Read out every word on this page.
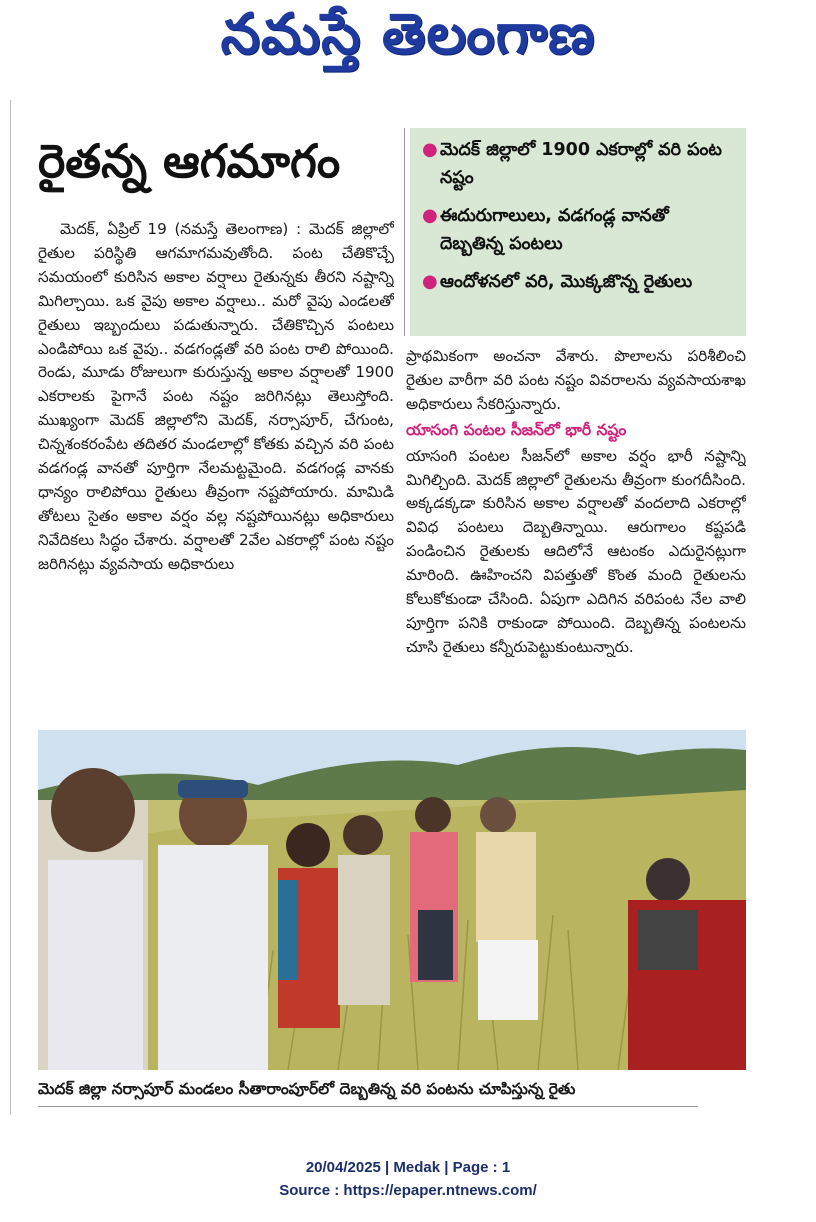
నమస్తే తెలంగాణ
రైతన్న ఆగమాగం

మెదక్, ఏప్రిల్ 19 (నమస్తే తెలంగాణ) : మెదక్ జిల్లాలో రైతుల పరిస్థితి ఆగమాగమవుతోంది. పంట చేతికొచ్చే సమయంలో కురిసిన అకాల వర్షాలు రైతున్నకు తీరని నష్టాన్ని మిగిల్చాయి. ఒక వైపు అకాల వర్షాలు.. మరో వైపు ఎండలతో రైతులు ఇబ్బందులు పడుతున్నారు. చేతికొచ్చిన పంటలు ఎండిపోయి ఒక వైపు.. వడగండ్లతో వరి పంట రాలి పోయింది. రెండు, మూడు రోజులుగా కురుస్తున్న అకాల వర్షాలతో 1900 ఎకరాలకు పైగానే పంట నష్టం జరిగినట్లు తెలుస్తోంది. ముఖ్యంగా మెదక్ జిల్లాలోని మెదక్, నర్సాపూర్, చేగుంట, చిన్నశంకరంపేట తదితర మండలాల్లో కోతకు వచ్చిన వరి పంట వడగండ్ల వానతో పూర్తిగా నేలమట్టమైంది. వడగండ్ల వానకు ధాన్యం రాలిపోయి రైతులు తీవ్రంగా నష్టపోయారు. మామిడి తోటలు సైతం అకాల వర్షం వల్ల నష్టపోయినట్లు అధికారులు నివేదికలు సిద్ధం చేశారు. వర్షాలతో 2వేల ఎకరాల్లో పంట నష్టం జరిగినట్లు వ్యవసాయ అధికారులు

● మెదక్ జిల్లాలో 1900 ఎకరాల్లో వరి పంట నష్టం
● ఈదురుగాలులు, వడగండ్ల వానతో దెబ్బతిన్న పంటలు
● ఆందోళనలో వరి, మొక్కజొన్న రైతులు

ప్రాథమికంగా అంచనా వేశారు. పొలాలను పరిశీలించి రైతుల వారీగా వరి పంట నష్టం వివరాలను వ్యవసాయశాఖ అధికారులు సేకరిస్తున్నారు.

యాసంగి పంటల సీజన్‌లో భారీ నష్టం

యాసంగి పంటల సీజన్‌లో అకాల వర్షం భారీ నష్టాన్ని మిగిల్చింది. మెదక్ జిల్లాలో రైతులను తీవ్రంగా కుంగదీసింది. అక్కడక్కడా కురిసిన అకాల వర్షాలతో వందలాది ఎకరాల్లో వివిధ పంటలు దెబ్బతిన్నాయి. ఆరుగాలం కష్టపడి పండించిన రైతులకు ఆదిలోనే ఆటంకం ఎదురైనట్లుగా మారింది. ఊహించని విపత్తుతో కొంత మంది రైతులను కోలుకోకుండా చేసింది. ఏపుగా ఎదిగిన వరిపంట నేల వాలి పూర్తిగా పనికి రాకుండా పోయింది. దెబ్బతిన్న పంటలను చూసి రైతులు కన్నీరుపెట్టుకుంటున్నారు.

మెదక్ జిల్లా నర్సాపూర్ మండలం సీతారాంపూర్‌లో దెబ్బతిన్న వరి పంటను చూపిస్తున్న రైతు
20/04/2025 | Medak | Page : 1
Source : https://epaper.ntnews.com/
